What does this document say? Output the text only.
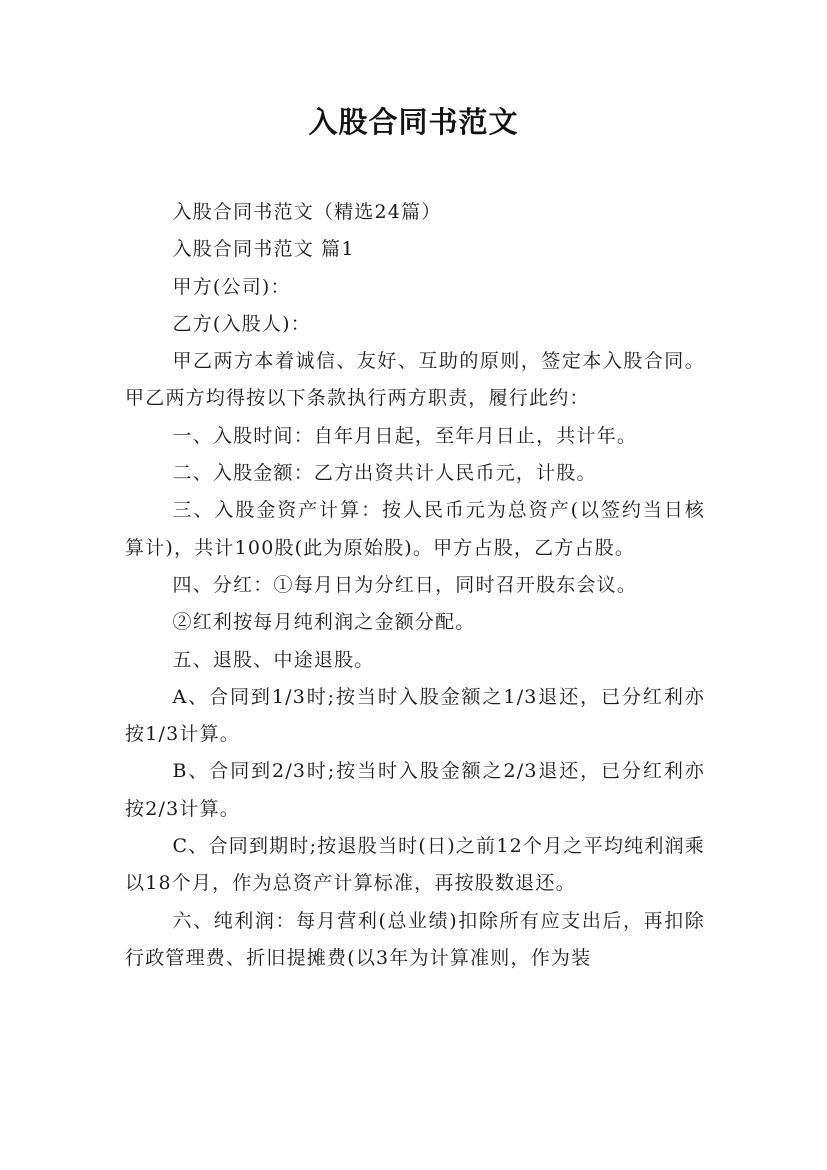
入股合同书范文

入股合同书范文（精选24篇）

入股合同书范文 篇1

甲方(公司)：

乙方(入股人)：

甲乙两方本着诚信、友好、互助的原则，签定本入股合同。甲乙两方均得按以下条款执行两方职责，履行此约：

一、入股时间：自年月日起，至年月日止，共计年。

二、入股金额：乙方出资共计人民币元，计股。

三、入股金资产计算：按人民币元为总资产(以签约当日核算计)，共计100股(此为原始股)。甲方占股，乙方占股。

四、分红：①每月日为分红日，同时召开股东会议。

②红利按每月纯利润之金额分配。

五、退股、中途退股。

A、合同到1/3时;按当时入股金额之1/3退还，已分红利亦按1/3计算。

B、合同到2/3时;按当时入股金额之2/3退还，已分红利亦按2/3计算。

C、合同到期时;按退股当时(日)之前12个月之平均纯利润乘以18个月，作为总资产计算标准，再按股数退还。

六、纯利润：每月营利(总业绩)扣除所有应支出后，再扣除行政管理费、折旧提摊费(以3年为计算准则，作为装
